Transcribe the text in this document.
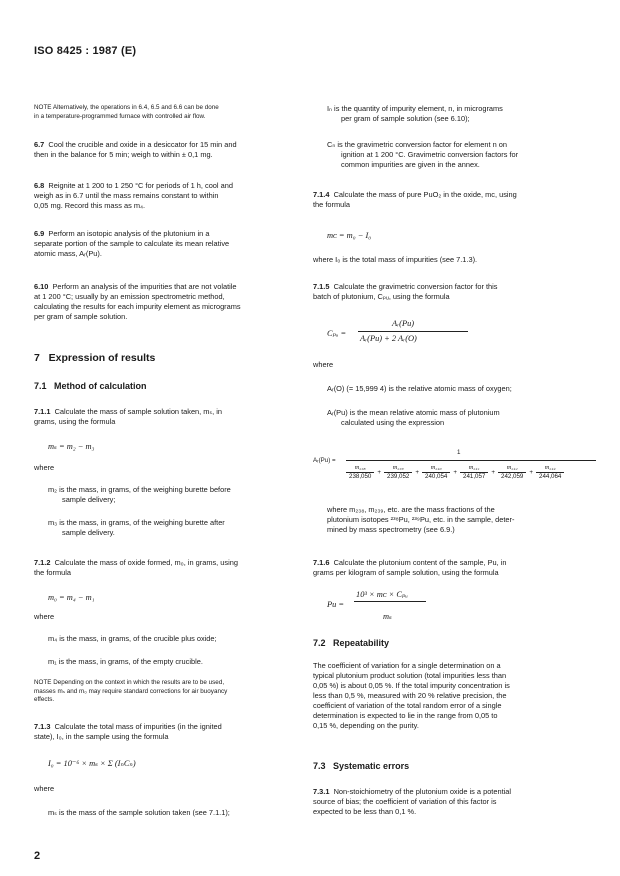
ISO 8425 : 1987 (E)
NOTE Alternatively, the operations in 6.4, 6.5 and 6.6 can be done
in a temperature-programmed furnace with controlled air flow.
6.7 Cool the crucible and oxide in a desiccator for 15 min and
then in the balance for 5 min; weigh to within ± 0,1 mg.
6.8 Reignite at 1 200 to 1 250 °C for periods of 1 h, cool and
weigh as in 6.7 until the mass remains constant to within
0,05 mg. Record this mass as m₄.
6.9 Perform an isotopic analysis of the plutonium in a
separate portion of the sample to calculate its mean relative
atomic mass, Aᵣ(Pu).
6.10 Perform an analysis of the impurities that are not volatile
at 1 200 °C; usually by an emission spectrometric method,
calculating the results for each impurity element as micrograms
per gram of sample solution.
7 Expression of results
7.1 Method of calculation
7.1.1 Calculate the mass of sample solution taken, mₛ, in
grams, using the formula
mₛ = m₂ − m₃
where
m₂ is the mass, in grams, of the weighing burette before
sample delivery;
m₃ is the mass, in grams, of the weighing burette after
sample delivery.
7.1.2 Calculate the mass of oxide formed, m₀, in grams, using
the formula
m₀ = m₄ − m₁
where
m₄ is the mass, in grams, of the crucible plus oxide;
m₁ is the mass, in grams, of the empty crucible.
NOTE Depending on the context in which the results are to be used,
masses mₛ and m₀ may require standard corrections for air buoyancy
effects.
7.1.3 Calculate the total mass of impurities (in the ignited
state), I₀, in the sample using the formula
I₀ = 10⁻⁶ × mₛ × Σ (IₙCₙ)
where
mₛ is the mass of the sample solution taken (see 7.1.1);
2
Iₙ is the quantity of impurity element, n, in micrograms
per gram of sample solution (see 6.10);
Cₙ is the gravimetric conversion factor for element n on
ignition at 1 200 °C. Gravimetric conversion factors for
common impurities are given in the annex.
7.1.4 Calculate the mass of pure PuO₂ in the oxide, mᴄ, using
the formula
mᴄ = m₀ − I₀
where I₀ is the total mass of impurities (see 7.1.3).
7.1.5 Calculate the gravimetric conversion factor for this
batch of plutonium, Cₚᵤ, using the formula
Cₚᵤ =
Aᵣ(Pu)
Aᵣ(Pu) + 2 Aᵣ(O)
where
Aᵣ(O) (= 15,999 4) is the relative atomic mass of oxygen;
Aᵣ(Pu) is the mean relative atomic mass of plutonium
calculated using the expression
Aᵣ(Pu) =
1
m₂₃₈	+	m₂₃₉	+	m₂₄₀	+	m₂₄₁	+	m₂₄₂	+	m₂₄₄
238,050		239,052		240,054		241,057		242,059		244,064
where m₂₃₈, m₂₃₉, etc. are the mass fractions of the
plutonium isotopes ²³⁸Pu, ²³⁹Pu, etc. in the sample, deter-
mined by mass spectrometry (see 6.9.)
7.1.6 Calculate the plutonium content of the sample, Pu, in
grams per kilogram of sample solution, using the formula
Pu =
10³ × mᴄ × Cₚᵤ
mₛ
7.2 Repeatability
The coefficient of variation for a single determination on a
typical plutonium product solution (total impurities less than
0,05 %) is about 0,05 %. If the total impurity concentration is
less than 0,5 %, measured with 20 % relative precision, the
coefficient of variation of the total random error of a single
determination is expected to lie in the range from 0,05 to
0,15 %, depending on the purity.
7.3 Systematic errors
7.3.1 Non-stoichiometry of the plutonium oxide is a potential
source of bias; the coefficient of variation of this factor is
expected to be less than 0,1 %.
